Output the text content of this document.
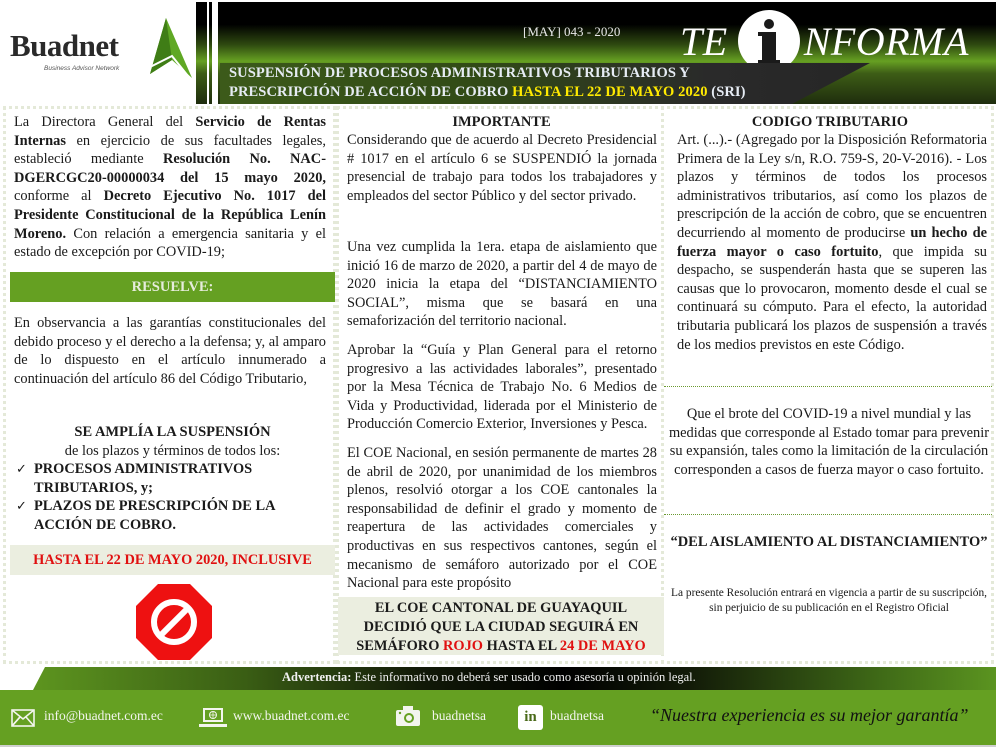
Buadnet
Business Advisor Network
[MAY] 043 - 2020 TE NFORMA
SUSPENSIÓN DE PROCESOS ADMINISTRATIVOS TRIBUTARIOS Y
PRESCRIPCIÓN DE ACCIÓN DE COBRO HASTA EL 22 DE MAYO 2020 (SRI)

La Directora General del Servicio de Rentas Internas en ejercicio de sus facultades legales, estableció mediante Resolución No. NAC-DGERCGC20-00000034 del 15 mayo 2020, conforme al Decreto Ejecutivo No. 1017 del Presidente Constitucional de la República Lenín Moreno. Con relación a emergencia sanitaria y el estado de excepción por COVID-19;

RESUELVE:

En observancia a las garantías constitucionales del debido proceso y el derecho a la defensa; y, al amparo de lo dispuesto en el artículo innumerado a continuación del artículo 86 del Código Tributario,

SE AMPLÍA LA SUSPENSIÓN
de los plazos y términos de todos los:
✓ PROCESOS ADMINISTRATIVOS TRIBUTARIOS, y;
✓ PLAZOS DE PRESCRIPCIÓN DE LA ACCIÓN DE COBRO.
HASTA EL 22 DE MAYO 2020, INCLUSIVE
IMPORTANTE

Considerando que de acuerdo al Decreto Presidencial # 1017 en el artículo 6 se SUSPENDIÓ la jornada presencial de trabajo para todos los trabajadores y empleados del sector Público y del sector privado.

Una vez cumplida la 1era. etapa de aislamiento que inició 16 de marzo de 2020, a partir del 4 de mayo de 2020 inicia la etapa del “DISTANCIAMIENTO SOCIAL”, misma que se basará en una semaforización del territorio nacional.

Aprobar la “Guía y Plan General para el retorno progresivo a las actividades laborales”, presentado por la Mesa Técnica de Trabajo No. 6 Medios de Vida y Productividad, liderada por el Ministerio de Producción Comercio Exterior, Inversiones y Pesca.

El COE Nacional, en sesión permanente de martes 28 de abril de 2020, por unanimidad de los miembros plenos, resolvió otorgar a los COE cantonales la responsabilidad de definir el grado y momento de reapertura de las actividades comerciales y productivas en sus respectivos cantones, según el mecanismo de semáforo autorizado por el COE Nacional para este propósito

EL COE CANTONAL DE GUAYAQUIL
DECIDIÓ QUE LA CIUDAD SEGUIRÁ EN
SEMÁFORO ROJO HASTA EL 24 DE MAYO
CODIGO TRIBUTARIO

Art. (...).- (Agregado por la Disposición Reformatoria Primera de la Ley s/n, R.O. 759-S, 20-V-2016). - Los plazos y términos de todos los procesos administrativos tributarios, así como los plazos de prescripción de la acción de cobro, que se encuentren decurriendo al momento de producirse un hecho de fuerza mayor o caso fortuito, que impida su despacho, se suspenderán hasta que se superen las causas que lo provocaron, momento desde el cual se continuará su cómputo. Para el efecto, la autoridad tributaria publicará los plazos de suspensión a través de los medios previstos en este Código.

Que el brote del COVID-19 a nivel mundial y las medidas que corresponde al Estado tomar para prevenir su expansión, tales como la limitación de la circulación corresponden a casos de fuerza mayor o caso fortuito.

“DEL AISLAMIENTO AL DISTANCIAMIENTO”

La presente Resolución entrará en vigencia a partir de su suscripción, sin perjuicio de su publicación en el Registro Oficial

Advertencia: Este informativo no deberá ser usado como asesoría u opinión legal.
info@buadnet.com.ec	www.buadnet.com.ec	buadnetsa	in buadnetsa	“Nuestra experiencia es su mejor garantía”
